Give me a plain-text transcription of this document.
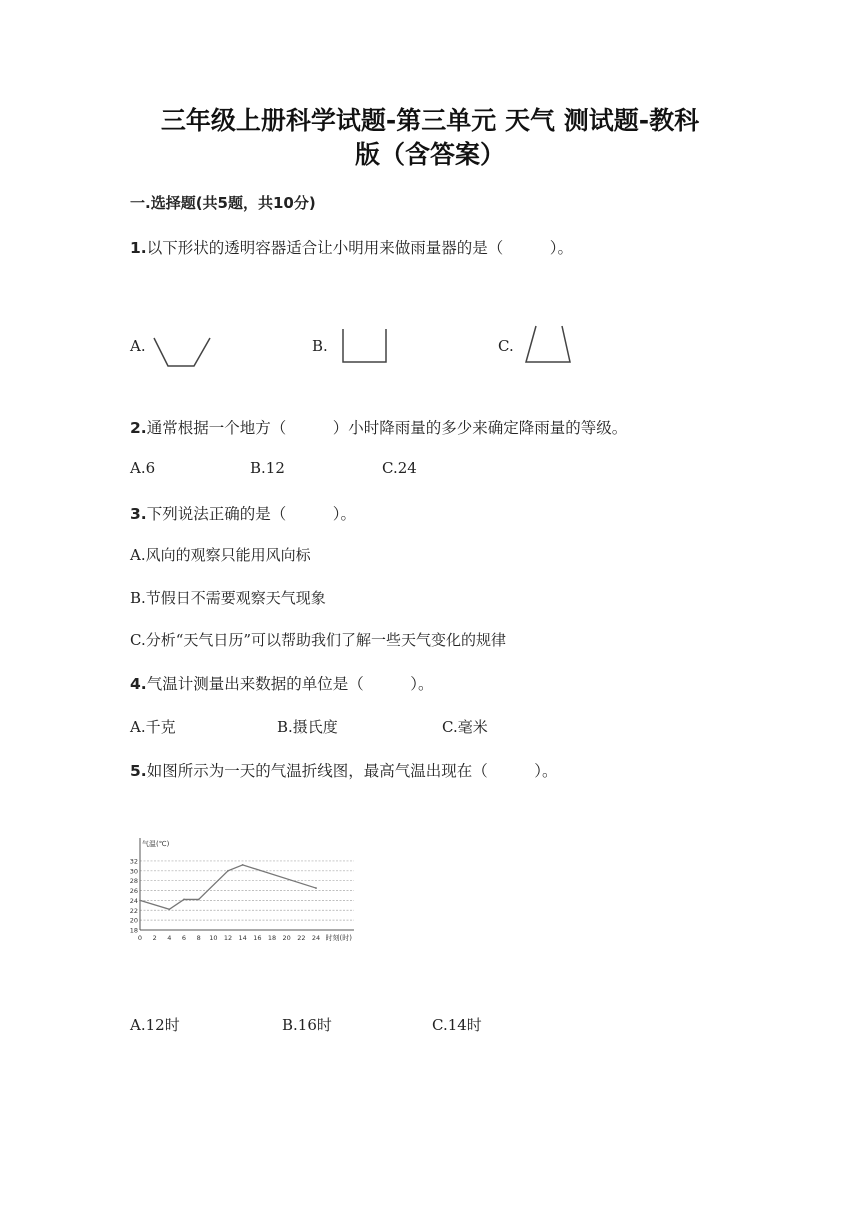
三年级上册科学试题-第三单元 天气 测试题-教科
版（含答案）
一.选择题(共5题，共10分)
1.以下形状的透明容器适合让小明用来做雨量器的是（　　　）。
A.	B.	C.
2.通常根据一个地方（　　　）小时降雨量的多少来确定降雨量的等级。
A.6	B.12	C.24
3.下列说法正确的是（　　　）。
A.风向的观察只能用风向标
B.节假日不需要观察天气现象
C.分析“天气日历”可以帮助我们了解一些天气变化的规律
4.气温计测量出来数据的单位是（　　　）。
A.千克	B.摄氏度	C.毫米
5.如图所示为一天的气温折线图，最高气温出现在（　　　）。
18
20
22
24
26
28
30
32
0 2 4 6 8 10 12 14 16 18 20 22 24
气温(℃)
时刻(时)
A.12时	B.16时	C.14时
